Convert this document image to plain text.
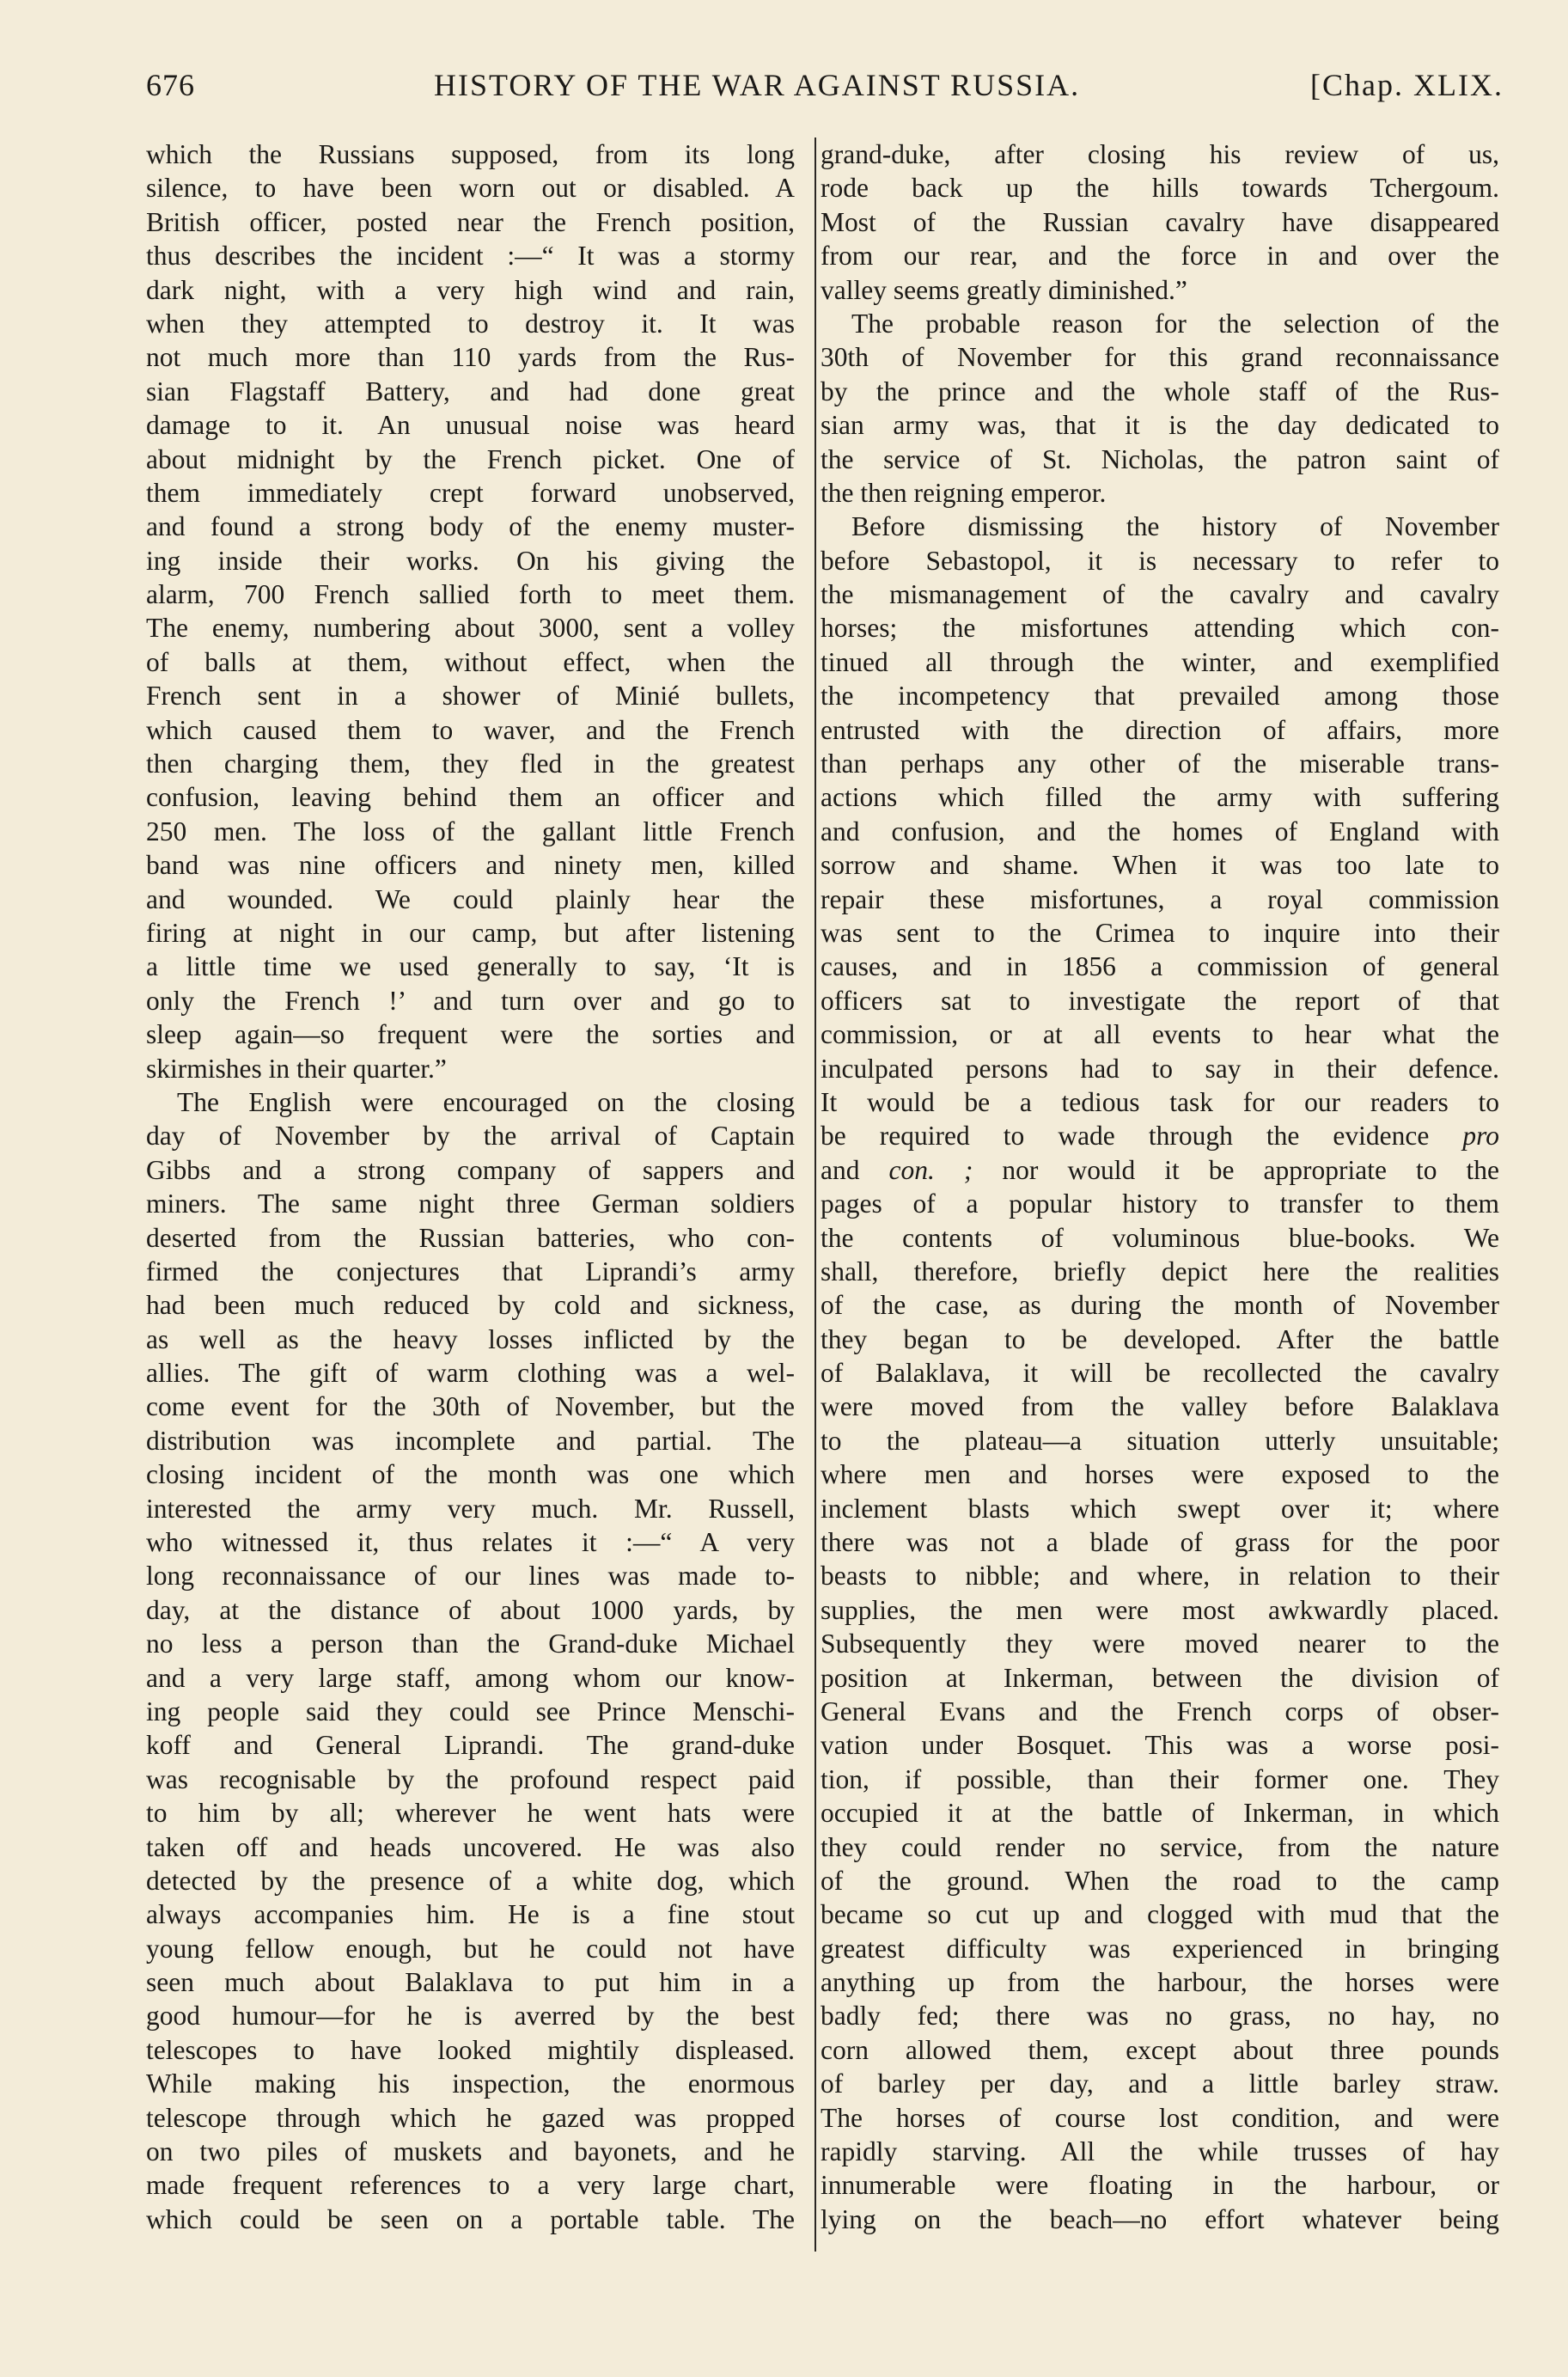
676	HISTORY OF THE WAR AGAINST RUSSIA.	[Chap. XLIX.
which the Russians supposed, from its long
silence, to have been worn out or disabled. A
British officer, posted near the French position,
thus describes the incident :—“ It was a stormy
dark night, with a very high wind and rain,
when they attempted to destroy it. It was
not much more than 110 yards from the Rus-
sian Flagstaff Battery, and had done great
damage to it. An unusual noise was heard
about midnight by the French picket. One of
them immediately crept forward unobserved,
and found a strong body of the enemy muster-
ing inside their works. On his giving the
alarm, 700 French sallied forth to meet them.
The enemy, numbering about 3000, sent a volley
of balls at them, without effect, when the
French sent in a shower of Minié bullets,
which caused them to waver, and the French
then charging them, they fled in the greatest
confusion, leaving behind them an officer and
250 men. The loss of the gallant little French
band was nine officers and ninety men, killed
and wounded. We could plainly hear the
firing at night in our camp, but after listening
a little time we used generally to say, ‘It is
only the French !’ and turn over and go to
sleep again—so frequent were the sorties and
skirmishes in their quarter.”
The English were encouraged on the closing
day of November by the arrival of Captain
Gibbs and a strong company of sappers and
miners. The same night three German soldiers
deserted from the Russian batteries, who con-
firmed the conjectures that Liprandi’s army
had been much reduced by cold and sickness,
as well as the heavy losses inflicted by the
allies. The gift of warm clothing was a wel-
come event for the 30th of November, but the
distribution was incomplete and partial. The
closing incident of the month was one which
interested the army very much. Mr. Russell,
who witnessed it, thus relates it :—“ A very
long reconnaissance of our lines was made to-
day, at the distance of about 1000 yards, by
no less a person than the Grand-duke Michael
and a very large staff, among whom our know-
ing people said they could see Prince Menschi-
koff and General Liprandi. The grand-duke
was recognisable by the profound respect paid
to him by all; wherever he went hats were
taken off and heads uncovered. He was also
detected by the presence of a white dog, which
always accompanies him. He is a fine stout
young fellow enough, but he could not have
seen much about Balaklava to put him in a
good humour—for he is averred by the best
telescopes to have looked mightily displeased.
While making his inspection, the enormous
telescope through which he gazed was propped
on two piles of muskets and bayonets, and he
made frequent references to a very large chart,
which could be seen on a portable table. The
grand-duke, after closing his review of us,
rode back up the hills towards Tchergoum.
Most of the Russian cavalry have disappeared
from our rear, and the force in and over the
valley seems greatly diminished.”
The probable reason for the selection of the
30th of November for this grand reconnaissance
by the prince and the whole staff of the Rus-
sian army was, that it is the day dedicated to
the service of St. Nicholas, the patron saint of
the then reigning emperor.
Before dismissing the history of November
before Sebastopol, it is necessary to refer to
the mismanagement of the cavalry and cavalry
horses; the misfortunes attending which con-
tinued all through the winter, and exemplified
the incompetency that prevailed among those
entrusted with the direction of affairs, more
than perhaps any other of the miserable trans-
actions which filled the army with suffering
and confusion, and the homes of England with
sorrow and shame. When it was too late to
repair these misfortunes, a royal commission
was sent to the Crimea to inquire into their
causes, and in 1856 a commission of general
officers sat to investigate the report of that
commission, or at all events to hear what the
inculpated persons had to say in their defence.
It would be a tedious task for our readers to
be required to wade through the evidence pro
and con. ; nor would it be appropriate to the
pages of a popular history to transfer to them
the contents of voluminous blue-books. We
shall, therefore, briefly depict here the realities
of the case, as during the month of November
they began to be developed. After the battle
of Balaklava, it will be recollected the cavalry
were moved from the valley before Balaklava
to the plateau—a situation utterly unsuitable;
where men and horses were exposed to the
inclement blasts which swept over it; where
there was not a blade of grass for the poor
beasts to nibble; and where, in relation to their
supplies, the men were most awkwardly placed.
Subsequently they were moved nearer to the
position at Inkerman, between the division of
General Evans and the French corps of obser-
vation under Bosquet. This was a worse posi-
tion, if possible, than their former one. They
occupied it at the battle of Inkerman, in which
they could render no service, from the nature
of the ground. When the road to the camp
became so cut up and clogged with mud that the
greatest difficulty was experienced in bringing
anything up from the harbour, the horses were
badly fed; there was no grass, no hay, no
corn allowed them, except about three pounds
of barley per day, and a little barley straw.
The horses of course lost condition, and were
rapidly starving. All the while trusses of hay
innumerable were floating in the harbour, or
lying on the beach—no effort whatever being
